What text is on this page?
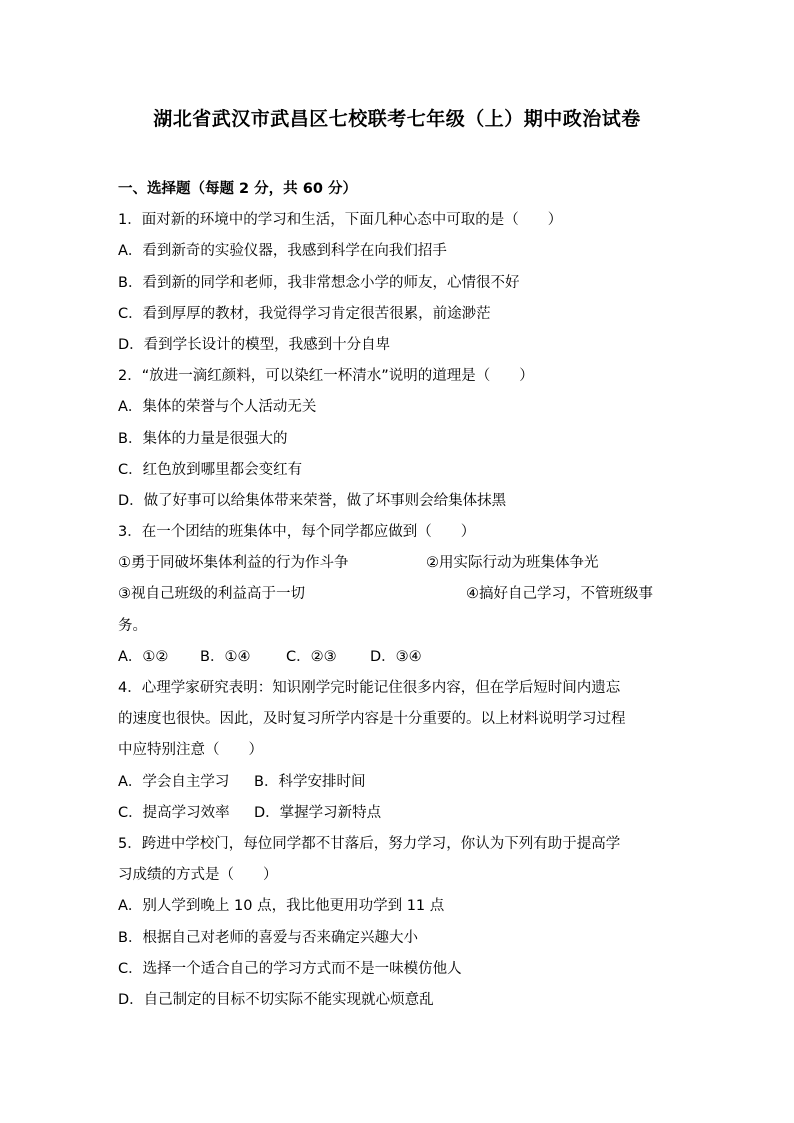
湖北省武汉市武昌区七校联考七年级（上）期中政治试卷
一、选择题（每题 2 分，共 60 分）
1．面对新的环境中的学习和生活，下面几种心态中可取的是（　　）
A．看到新奇的实验仪器，我感到科学在向我们招手
B．看到新的同学和老师，我非常想念小学的师友，心情很不好
C．看到厚厚的教材，我觉得学习肯定很苦很累，前途渺茫
D．看到学长设计的模型，我感到十分自卑
2．“放进一滴红颜料，可以染红一杯清水”说明的道理是（　　）
A．集体的荣誉与个人活动无关
B．集体的力量是很强大的
C．红色放到哪里都会变红有
D．做了好事可以给集体带来荣誉，做了坏事则会给集体抹黑
3．在一个团结的班集体中，每个同学都应做到（　　）
①勇于同破坏集体利益的行为作斗争	②用实际行动为班集体争光
③视自己班级的利益高于一切	④搞好自己学习，不管班级事
务。
A．①② B．①④ C．②③ D．③④
4．心理学家研究表明：知识刚学完时能记住很多内容，但在学后短时间内遗忘
的速度也很快。因此，及时复习所学内容是十分重要的。以上材料说明学习过程
中应特别注意（　　）
A．学会自主学习 B．科学安排时间
C．提高学习效率 D．掌握学习新特点
5．跨进中学校门，每位同学都不甘落后，努力学习，你认为下列有助于提高学
习成绩的方式是（　　）
A．别人学到晚上 10 点，我比他更用功学到 11 点
B．根据自己对老师的喜爱与否来确定兴趣大小
C．选择一个适合自己的学习方式而不是一味模仿他人
D．自己制定的目标不切实际不能实现就心烦意乱
